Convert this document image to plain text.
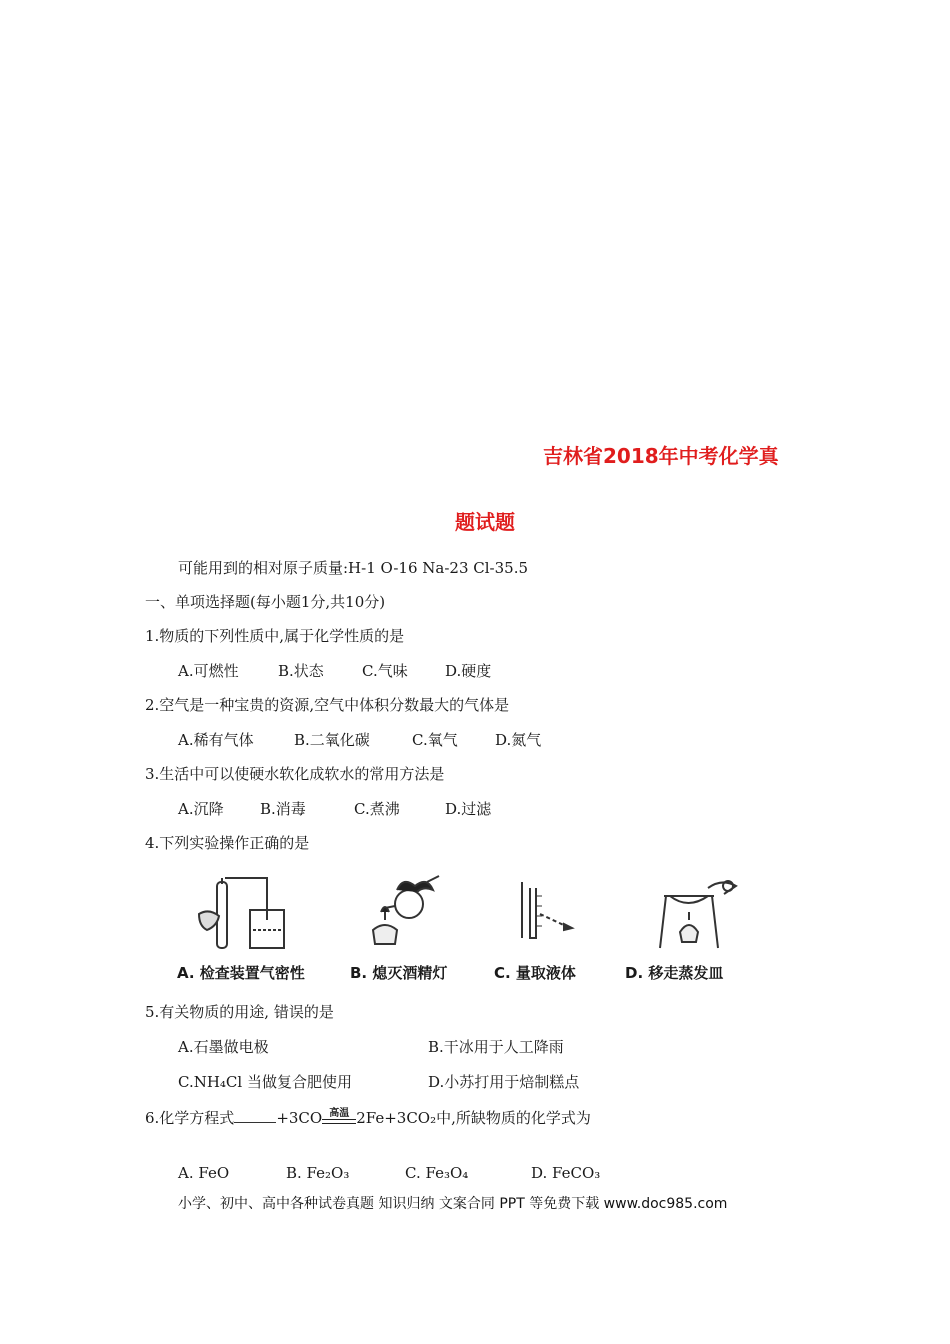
吉林省2018年中考化学真
题试题
可能用到的相对原子质量:H-1 O-16 Na-23 Cl-35.5
一、单项选择题(每小题1分,共10分)
1.物质的下列性质中,属于化学性质的是
A.可燃性	B.状态	C.气味 D.硬度
2.空气是一种宝贵的资源,空气中体积分数最大的气体是
A.稀有气体	B.二氧化碳	C.氧气 D.氮气
3.生活中可以使硬水软化成软水的常用方法是
A.沉降 B.消毒	C.煮沸	D.过滤
4.下列实验操作正确的是
A. 检查装置气密性	B. 熄灭酒精灯	C. 量取液体	D. 移走蒸发皿
5.有关物质的用途, 错误的是
A.石墨做电极	B.干冰用于人工降雨
C.NH₄Cl 当做复合肥使用	D.小苏打用于焙制糕点
6.化学方程式	+3CO 高温 2Fe+3CO₂中,所缺物质的化学式为
A. FeO	B. Fe₂O₃	C. Fe₃O₄	D. FeCO₃
小学、初中、高中各种试卷真题 知识归纳 文案合同 PPT 等免费下载 www.doc985.com
